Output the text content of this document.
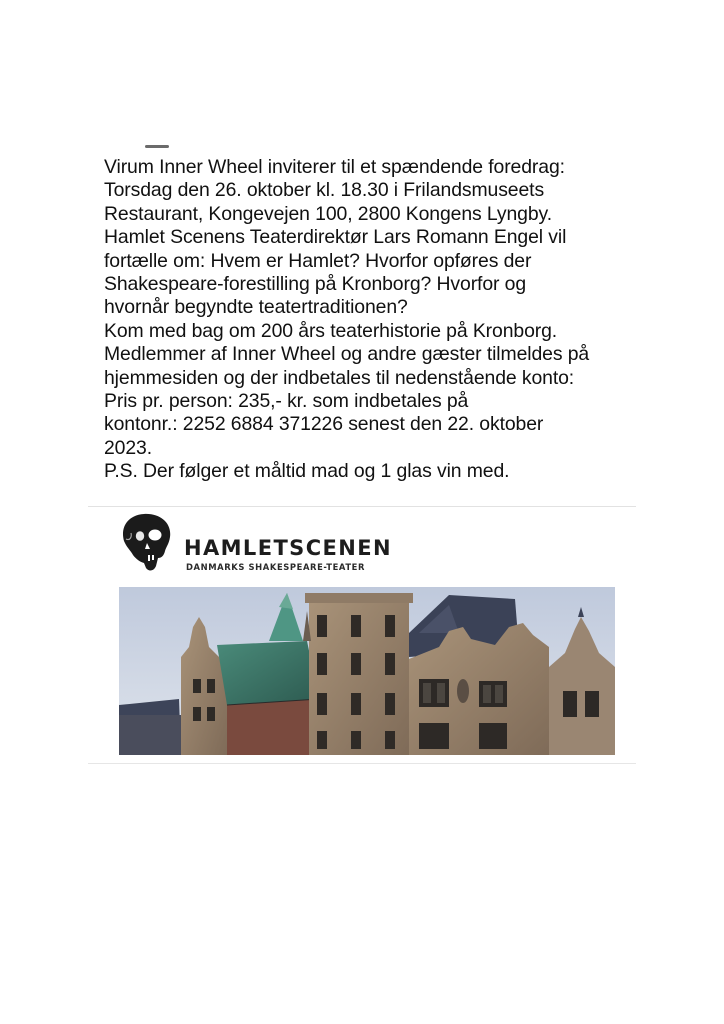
Virum Inner Wheel inviterer til et spændende foredrag:
Torsdag den 26. oktober kl. 18.30 i Frilandsmuseets
Restaurant, Kongevejen 100, 2800 Kongens Lyngby.
Hamlet Scenens Teaterdirektør Lars Romann Engel vil
fortælle om: Hvem er Hamlet? Hvorfor opføres der
Shakespeare-forestilling på Kronborg? Hvorfor og
hvornår begyndte teatertraditionen?
Kom med bag om 200 års teaterhistorie på Kronborg.
Medlemmer af Inner Wheel og andre gæster tilmeldes på
hjemmesiden og der indbetales til nedenstående konto:
Pris pr. person: 235,- kr. som indbetales på
kontonr.: 2252 6884 371226 senest den 22. oktober
2023.
P.S. Der følger et måltid mad og 1 glas vin med.
HAMLETSCENEN
DANMARKS SHAKESPEARE-TEATER
